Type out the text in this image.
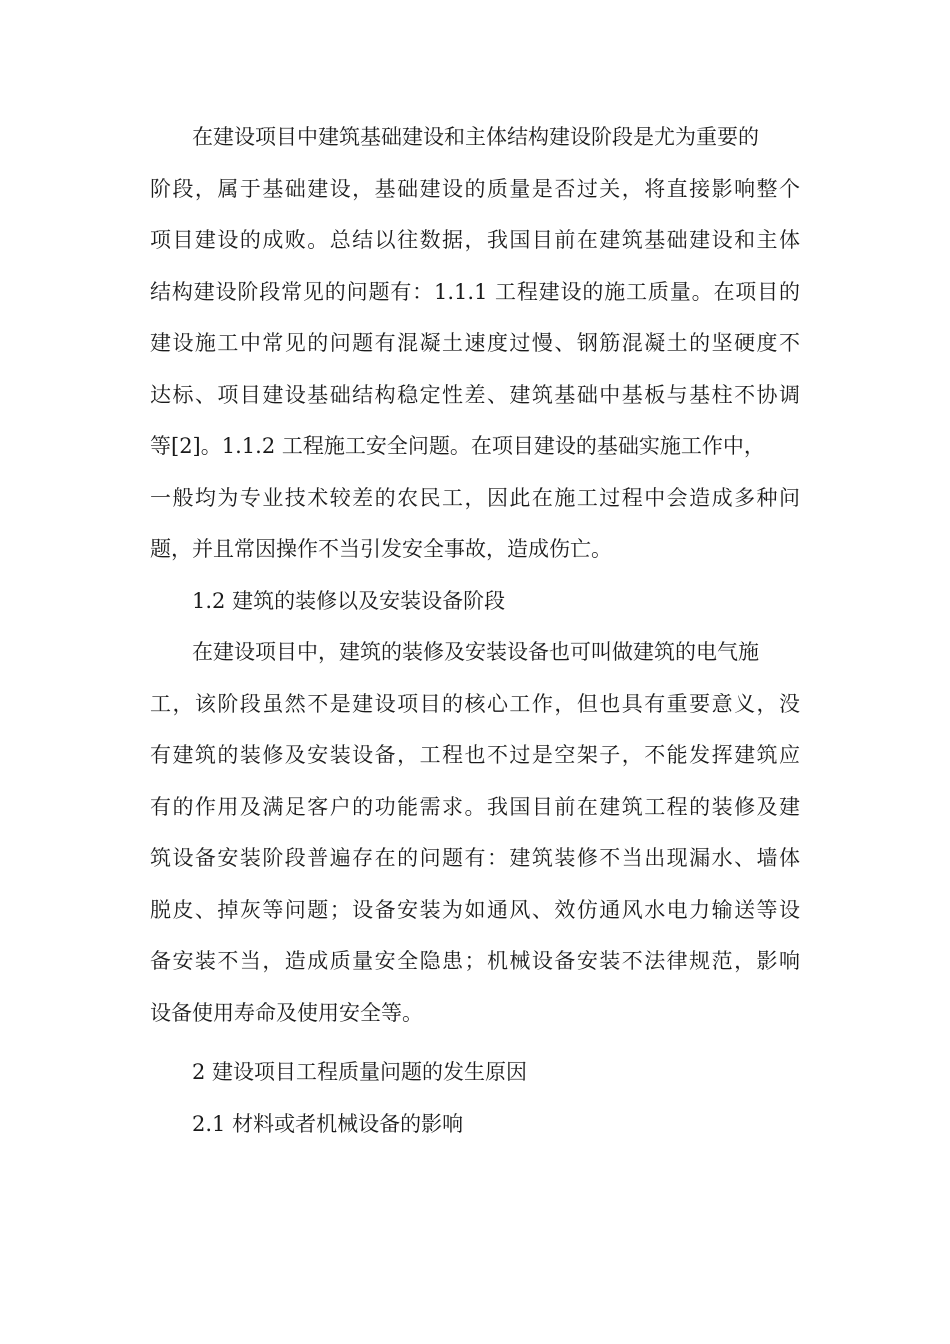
在建设项目中建筑基础建设和主体结构建设阶段是尤为重要的
阶段，属于基础建设，基础建设的质量是否过关，将直接影响整个
项目建设的成败。总结以往数据，我国目前在建筑基础建设和主体
结构建设阶段常见的问题有：1.1.1 工程建设的施工质量。在项目的
建设施工中常见的问题有混凝土速度过慢、钢筋混凝土的坚硬度不
达标、项目建设基础结构稳定性差、建筑基础中基板与基柱不协调
等[2]。1.1.2 工程施工安全问题。在项目建设的基础实施工作中，
一般均为专业技术较差的农民工，因此在施工过程中会造成多种问
题，并且常因操作不当引发安全事故，造成伤亡。
1.2 建筑的装修以及安装设备阶段
在建设项目中，建筑的装修及安装设备也可叫做建筑的电气施
工，该阶段虽然不是建设项目的核心工作，但也具有重要意义，没
有建筑的装修及安装设备，工程也不过是空架子，不能发挥建筑应
有的作用及满足客户的功能需求。我国目前在建筑工程的装修及建
筑设备安装阶段普遍存在的问题有：建筑装修不当出现漏水、墙体
脱皮、掉灰等问题；设备安装为如通风、效仿通风水电力输送等设
备安装不当，造成质量安全隐患；机械设备安装不法律规范，影响
设备使用寿命及使用安全等。
2 建设项目工程质量问题的发生原因
2.1 材料或者机械设备的影响
